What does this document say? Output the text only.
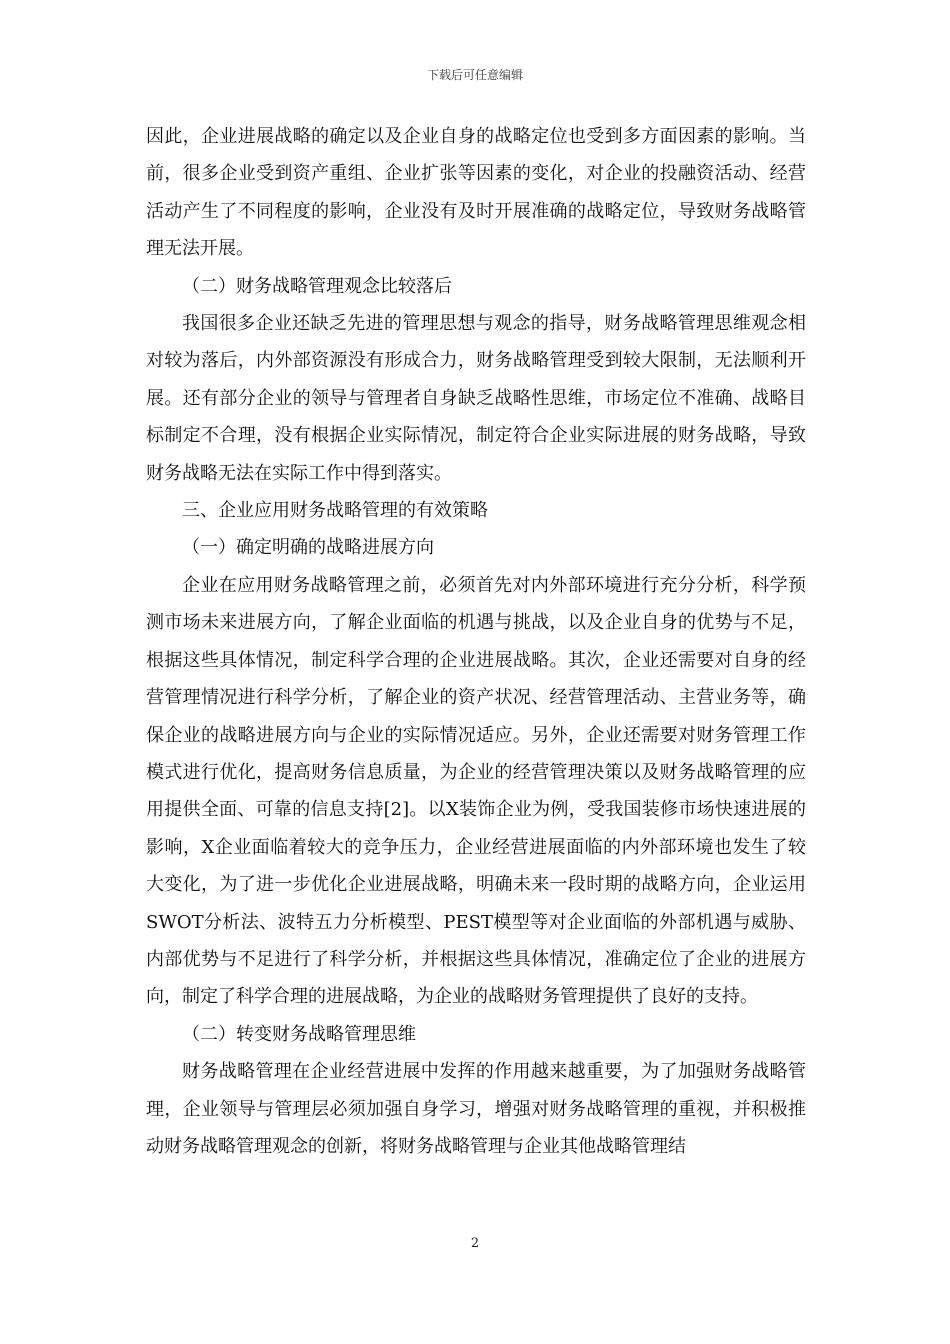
下载后可任意编辑

因此，企业进展战略的确定以及企业自身的战略定位也受到多方面因素的影响。当前，很多企业受到资产重组、企业扩张等因素的变化，对企业的投融资活动、经营活动产生了不同程度的影响，企业没有及时开展准确的战略定位，导致财务战略管理无法开展。

（二）财务战略管理观念比较落后

我国很多企业还缺乏先进的管理思想与观念的指导，财务战略管理思维观念相对较为落后，内外部资源没有形成合力，财务战略管理受到较大限制，无法顺利开展。还有部分企业的领导与管理者自身缺乏战略性思维，市场定位不准确、战略目标制定不合理，没有根据企业实际情况，制定符合企业实际进展的财务战略，导致财务战略无法在实际工作中得到落实。

三、企业应用财务战略管理的有效策略

（一）确定明确的战略进展方向

企业在应用财务战略管理之前，必须首先对内外部环境进行充分分析，科学预测市场未来进展方向，了解企业面临的机遇与挑战，以及企业自身的优势与不足，根据这些具体情况，制定科学合理的企业进展战略。其次，企业还需要对自身的经营管理情况进行科学分析，了解企业的资产状况、经营管理活动、主营业务等，确保企业的战略进展方向与企业的实际情况适应。另外，企业还需要对财务管理工作模式进行优化，提高财务信息质量，为企业的经营管理决策以及财务战略管理的应用提供全面、可靠的信息支持[2]。以X装饰企业为例，受我国装修市场快速进展的影响，X企业面临着较大的竞争压力，企业经营进展面临的内外部环境也发生了较大变化，为了进一步优化企业进展战略，明确未来一段时期的战略方向，企业运用SWOT分析法、波特五力分析模型、PEST模型等对企业面临的外部机遇与威胁、内部优势与不足进行了科学分析，并根据这些具体情况，准确定位了企业的进展方向，制定了科学合理的进展战略，为企业的战略财务管理提供了良好的支持。

（二）转变财务战略管理思维

财务战略管理在企业经营进展中发挥的作用越来越重要，为了加强财务战略管理，企业领导与管理层必须加强自身学习，增强对财务战略管理的重视，并积极推动财务战略管理观念的创新，将财务战略管理与企业其他战略管理结

2
